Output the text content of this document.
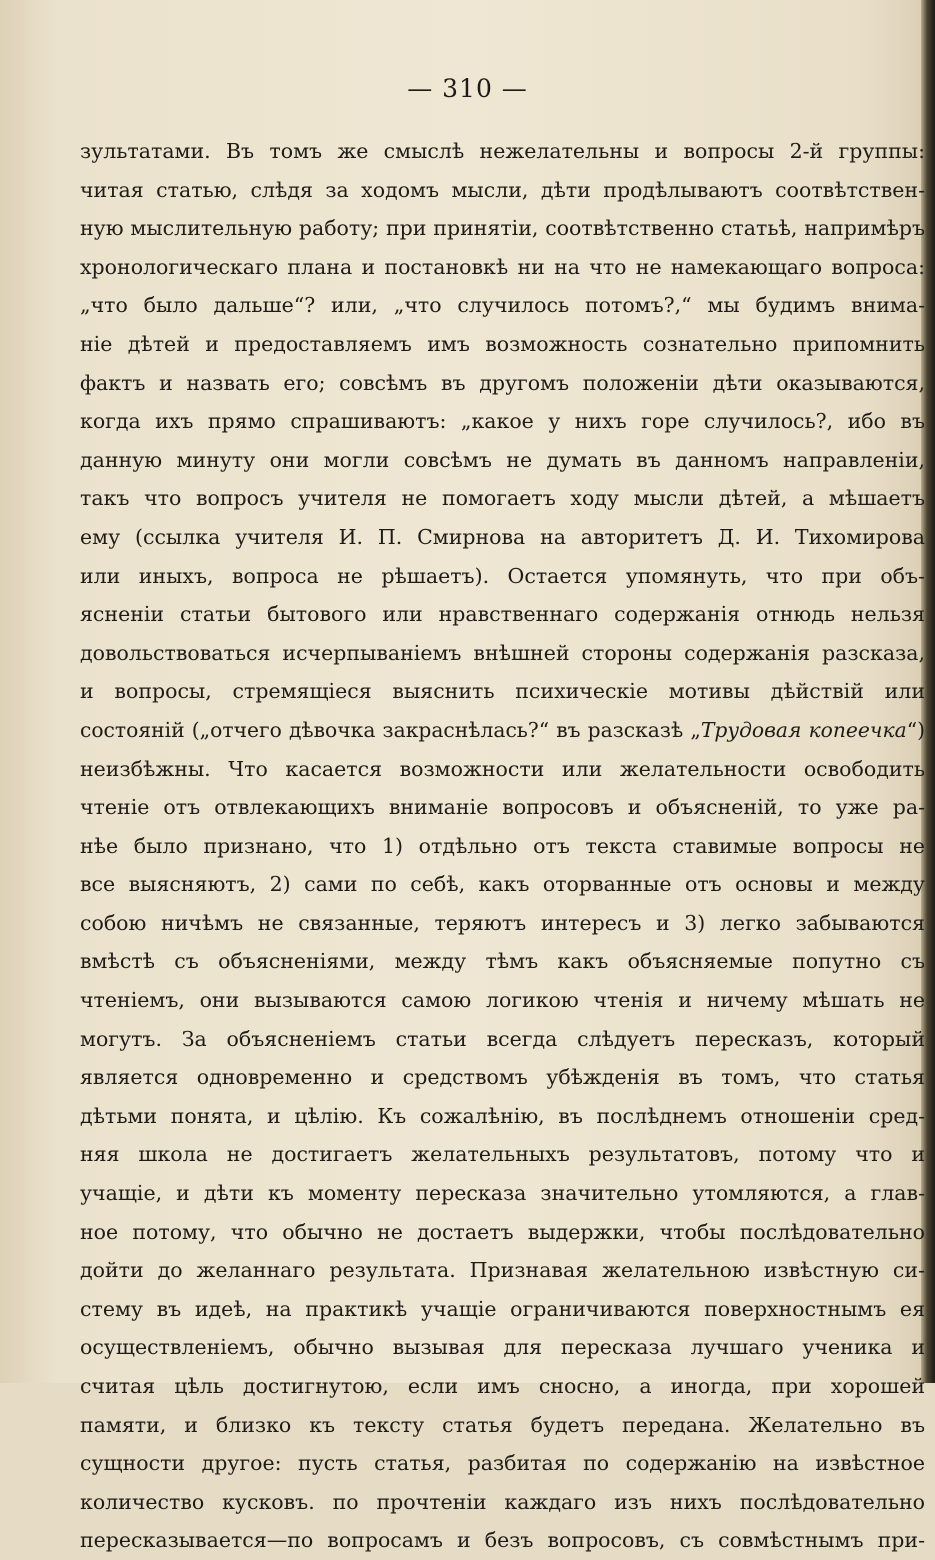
— 310 —
зультатами. Въ томъ же смыслѣ нежелательны и вопросы 2-й группы:
читая статью, слѣдя за ходомъ мысли, дѣти продѣлываютъ соотвѣтствен-
ную мыслительную работу; при принятіи, соотвѣтственно статьѣ, напримѣръ
хронологическаго плана и постановкѣ ни на что не намекающаго вопроса:
„что было дальше“? или, „что случилось потомъ?,“ мы будимъ внима-
ніе дѣтей и предоставляемъ имъ возможность сознательно припомнить
фактъ и назвать его; совсѣмъ въ другомъ положеніи дѣти оказываются,
когда ихъ прямо спрашиваютъ: „какое у нихъ горе случилось?, ибо въ
данную минуту они могли совсѣмъ не думать въ данномъ направленіи,
такъ что вопросъ учителя не помогаетъ ходу мысли дѣтей, а мѣшаетъ
ему (ссылка учителя И. П. Смирнова на авторитетъ Д. И. Тихомирова
или иныхъ, вопроса не рѣшаетъ). Остается упомянуть, что при объ-
ясненіи статьи бытового или нравственнаго содержанія отнюдь нельзя
довольствоваться исчерпываніемъ внѣшней стороны содержанія разсказа,
и вопросы, стремящіеся выяснить психическіе мотивы дѣйствій или
состояній („отчего дѣвочка закраснѣлась?“ въ разсказѣ „Трудовая копеечка“)
неизбѣжны. Что касается возможности или желательности освободить
чтеніе отъ отвлекающихъ вниманіе вопросовъ и объясненій, то уже ра-
нѣе было признано, что 1) отдѣльно отъ текста ставимые вопросы не
все выясняютъ, 2) сами по себѣ, какъ оторванные отъ основы и между
собою ничѣмъ не связанные, теряютъ интересъ и 3) легко забываются
вмѣстѣ съ объясненіями, между тѣмъ какъ объясняемые попутно съ
чтеніемъ, они вызываются самою логикою чтенія и ничему мѣшать не
могутъ. За объясненіемъ статьи всегда слѣдуетъ пересказъ, который
является одновременно и средствомъ убѣжденія въ томъ, что статья
дѣтьми понята, и цѣлію. Къ сожалѣнію, въ послѣднемъ отношеніи сред-
няя школа не достигаетъ желательныхъ результатовъ, потому что и
учащіе, и дѣти къ моменту пересказа значительно утомляются, а глав-
ное потому, что обычно не достаетъ выдержки, чтобы послѣдовательно
дойти до желаннаго результата. Признавая желательною извѣстную си-
стему въ идеѣ, на практикѣ учащіе ограничиваются поверхностнымъ ея
осуществленіемъ, обычно вызывая для пересказа лучшаго ученика и
считая цѣль достигнутою, если имъ сносно, а иногда, при хорошей
памяти, и близко къ тексту статья будетъ передана. Желательно въ
сущности другое: пусть статья, разбитая по содержанію на извѣстное
количество кусковъ. по прочтеніи каждаго изъ нихъ послѣдовательно
пересказывается—по вопросамъ и безъ вопросовъ, съ совмѣстнымъ при-
